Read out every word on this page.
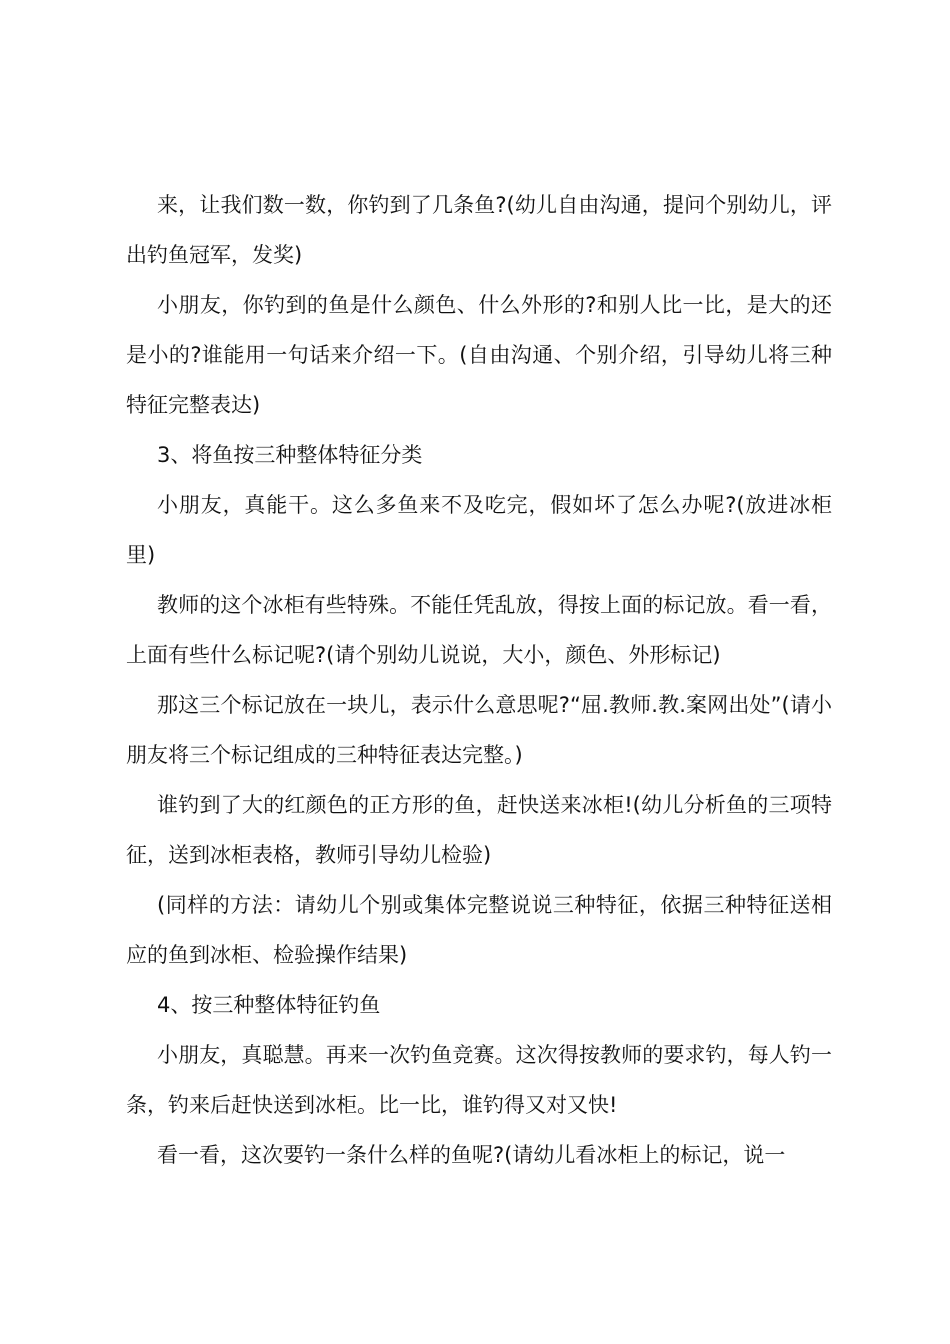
来，让我们数一数，你钓到了几条鱼?(幼儿自由沟通，提问个别幼儿，评出钓鱼冠军，发奖)

小朋友，你钓到的鱼是什么颜色、什么外形的?和别人比一比，是大的还是小的?谁能用一句话来介绍一下。(自由沟通、个别介绍，引导幼儿将三种特征完整表达)

3、将鱼按三种整体特征分类

小朋友，真能干。这么多鱼来不及吃完，假如坏了怎么办呢?(放进冰柜里)

教师的这个冰柜有些特殊。不能任凭乱放，得按上面的标记放。看一看，上面有些什么标记呢?(请个别幼儿说说，大小，颜色、外形标记)

那这三个标记放在一块儿，表示什么意思呢?“屈.教师.教.案网出处”(请小朋友将三个标记组成的三种特征表达完整。)

谁钓到了大的红颜色的正方形的鱼，赶快送来冰柜!(幼儿分析鱼的三项特征，送到冰柜表格，教师引导幼儿检验)

(同样的方法：请幼儿个别或集体完整说说三种特征，依据三种特征送相应的鱼到冰柜、检验操作结果)

4、按三种整体特征钓鱼

小朋友，真聪慧。再来一次钓鱼竞赛。这次得按教师的要求钓，每人钓一条，钓来后赶快送到冰柜。比一比，谁钓得又对又快!

看一看，这次要钓一条什么样的鱼呢?(请幼儿看冰柜上的标记，说一
